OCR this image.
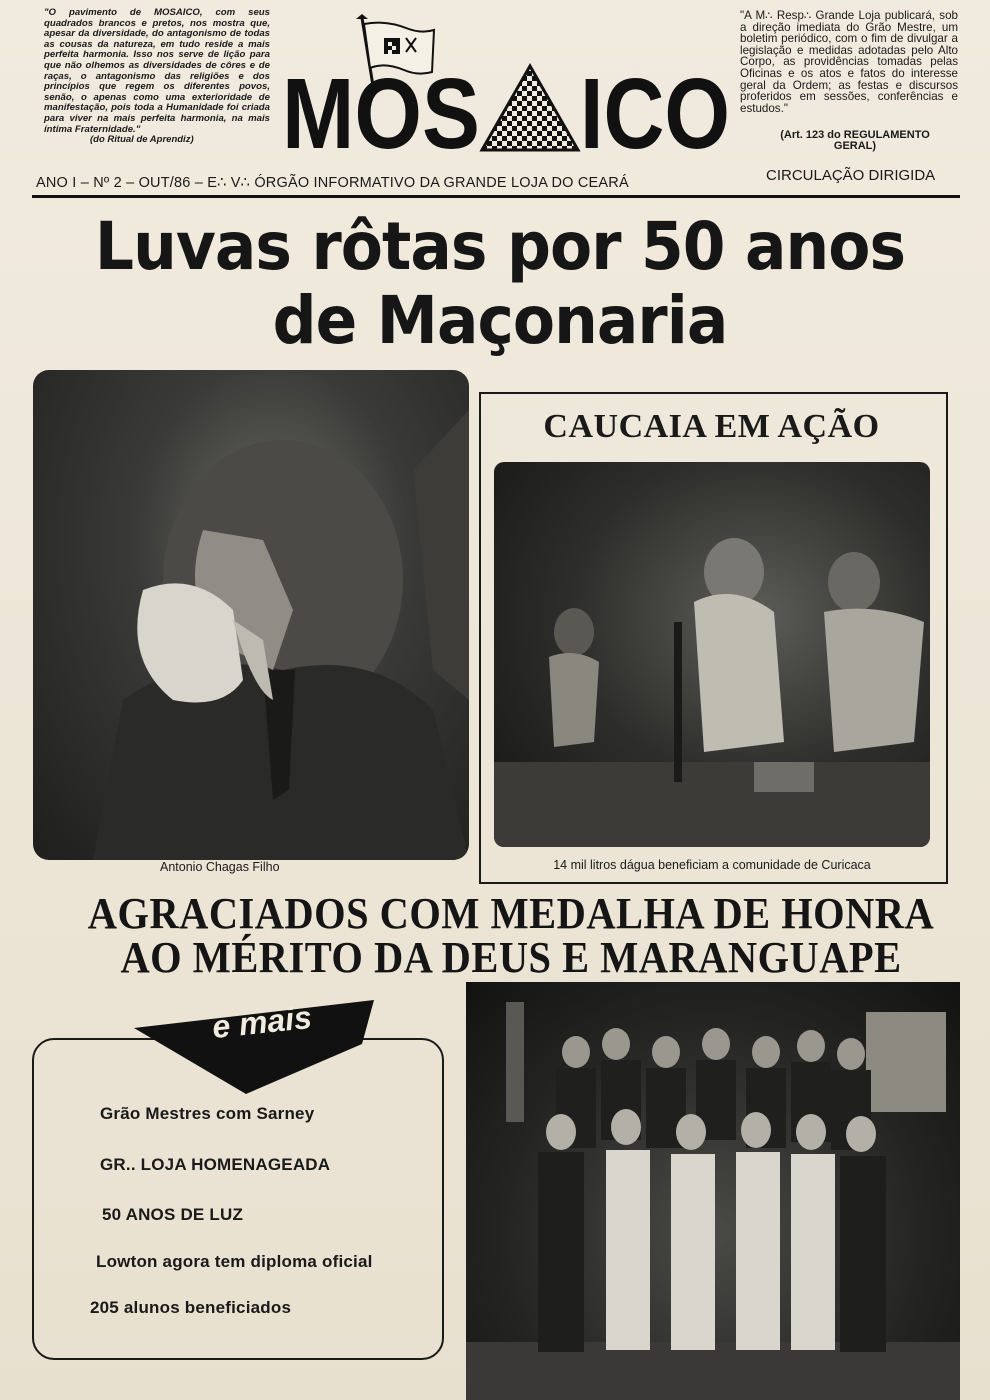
"O pavimento de MOSAICO, com seus quadrados brancos e pretos, nos mostra que, apesar da diversidade, do antagonismo de todas as cousas da natureza, em tudo reside a mais perfeita harmonia. Isso nos serve de lição para que não olhemos as diversidades de côres e de raças, o antagonismo das religiões e dos princípios que regem os diferentes povos, senão, o apenas como uma exterioridade de manifestação, pois toda a Humanidade foi criada para viver na mais perfeita harmonia, na mais íntima Fraternidade."
(do Ritual de Aprendiz) MOS ICO
"A M∴ Resp∴ Grande Loja publicará, sob a direção imediata do Grão Mestre, um boletim periódico, com o fim de divulgar a legislação e medidas adotadas pelo Alto Corpo, as providências tomadas pelas Oficinas e os atos e fatos do interesse geral da Ordem; as festas e discursos proferidos em sessões, conferências e estudos."
(Art. 123 do REGULAMENTO GERAL)
ANO I – Nº 2 – OUT/86 – E∴ V∴ ÓRGÃO INFORMATIVO DA GRANDE LOJA DO CEARÁ	CIRCULAÇÃO DIRIGIDA
Luvas rôtas por 50 anos
de Maçonaria
Antonio Chagas Filho
CAUCAIA EM AÇÃO
14 mil litros dágua beneficiam a comunidade de Curicaca
AGRACIADOS COM MEDALHA DE HONRA
AO MÉRITO DA DEUS E MARANGUAPE
e mais
Grão Mestres com Sarney
GR.. LOJA HOMENAGEADA
50 ANOS DE LUZ
Lowton agora tem diploma oficial
205 alunos beneficiados
